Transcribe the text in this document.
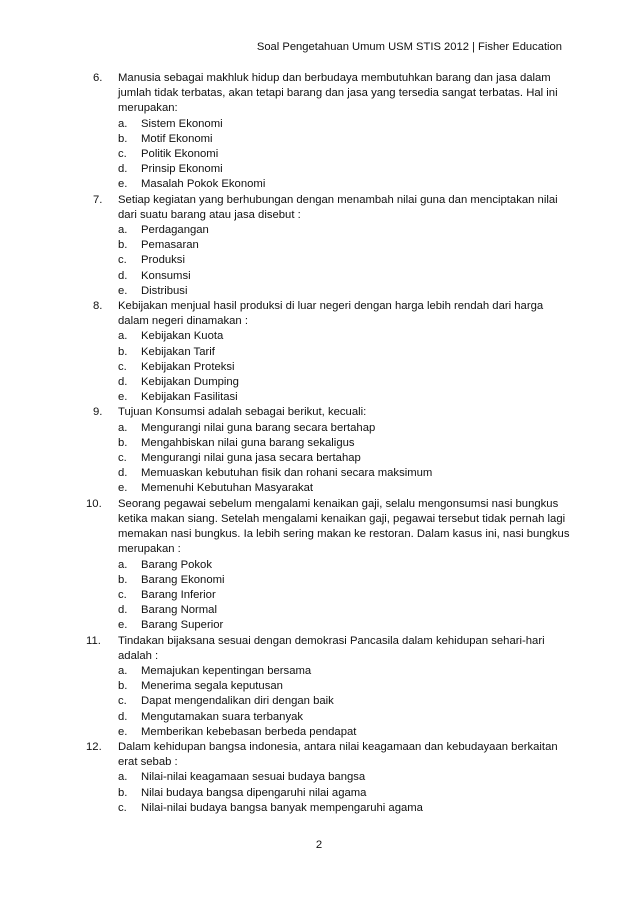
Soal Pengetahuan Umum USM STIS 2012 | Fisher Education
6.	Manusia sebagai makhluk hidup dan berbudaya membutuhkan barang dan jasa dalam jumlah tidak terbatas, akan tetapi barang dan jasa yang tersedia sangat terbatas. Hal ini merupakan:
a. Sistem Ekonomi
b. Motif Ekonomi
c. Politik Ekonomi
d. Prinsip Ekonomi
e. Masalah Pokok Ekonomi
7.	Setiap kegiatan yang berhubungan dengan menambah nilai guna dan menciptakan nilai dari suatu barang atau jasa disebut :
a. Perdagangan
b. Pemasaran
c. Produksi
d. Konsumsi
e. Distribusi
8.	Kebijakan menjual hasil produksi di luar negeri dengan harga lebih rendah dari harga dalam negeri dinamakan :
a. Kebijakan Kuota
b. Kebijakan Tarif
c. Kebijakan Proteksi
d. Kebijakan Dumping
e. Kebijakan Fasilitasi
9.	Tujuan Konsumsi adalah sebagai berikut, kecuali:
a. Mengurangi nilai guna barang secara bertahap
b. Mengahbiskan nilai guna barang sekaligus
c. Mengurangi nilai guna jasa secara bertahap
d. Memuaskan kebutuhan fisik dan rohani secara maksimum
e. Memenuhi Kebutuhan Masyarakat
10.	Seorang pegawai sebelum mengalami kenaikan gaji, selalu mengonsumsi nasi bungkus ketika makan siang. Setelah mengalami kenaikan gaji, pegawai tersebut tidak pernah lagi memakan nasi bungkus. Ia lebih sering makan ke restoran. Dalam kasus ini, nasi bungkus merupakan :
a. Barang Pokok
b. Barang Ekonomi
c. Barang Inferior
d. Barang Normal
e. Barang Superior
11.	Tindakan bijaksana sesuai dengan demokrasi Pancasila dalam kehidupan sehari-hari adalah :
a. Memajukan kepentingan bersama
b. Menerima segala keputusan
c. Dapat mengendalikan diri dengan baik
d. Mengutamakan suara terbanyak
e. Memberikan kebebasan berbeda pendapat
12.	Dalam kehidupan bangsa indonesia, antara nilai keagamaan dan kebudayaan berkaitan erat sebab :
a. Nilai-nilai keagamaan sesuai budaya bangsa
b. Nilai budaya bangsa dipengaruhi nilai agama
c. Nilai-nilai budaya bangsa banyak mempengaruhi agama
2
